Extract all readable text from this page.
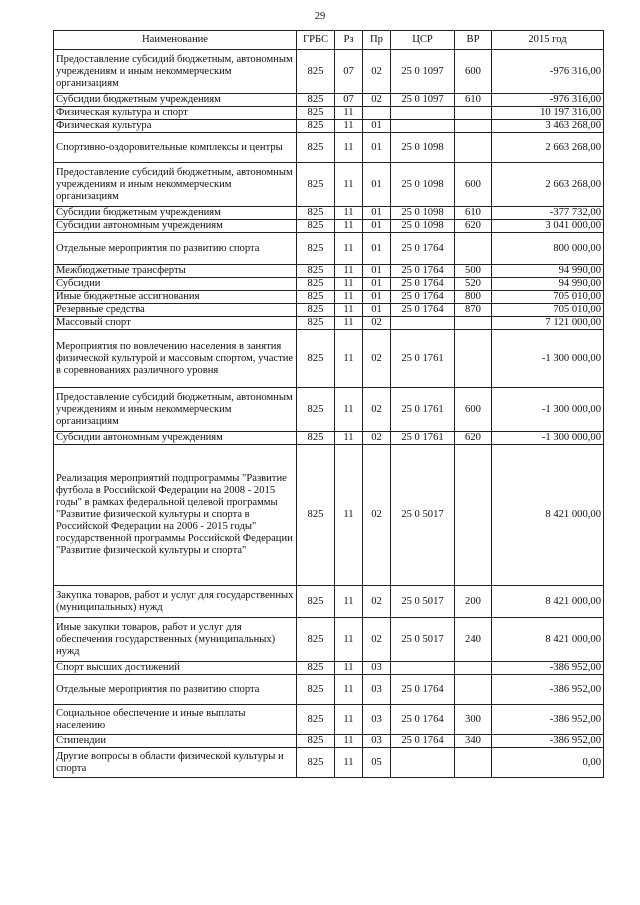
29
Наименование	ГРБС	Рз	Пр	ЦСР	ВР	2015 год
Предоставление субсидий бюджетным, автономным учреждениям и иным некоммерческим организациям	825	07	02	25 0 1097	600	-976 316,00
Субсидии бюджетным учреждениям	825	07	02	25 0 1097	610	-976 316,00
Физическая культура и спорт	825	11				10 197 316,00
Физическая культура	825	11	01			3 463 268,00
Спортивно-оздоровительные комплексы и центры	825	11	01	25 0 1098		2 663 268,00
Предоставление субсидий бюджетным, автономным учреждениям и иным некоммерческим организациям	825	11	01	25 0 1098	600	2 663 268,00
Субсидии бюджетным учреждениям	825	11	01	25 0 1098	610	-377 732,00
Субсидии автономным учреждениям	825	11	01	25 0 1098	620	3 041 000,00
Отдельные мероприятия по развитию спорта	825	11	01	25 0 1764		800 000,00
Межбюджетные трансферты	825	11	01	25 0 1764	500	94 990,00
Субсидии	825	11	01	25 0 1764	520	94 990,00
Иные бюджетные ассигнования	825	11	01	25 0 1764	800	705 010,00
Резервные средства	825	11	01	25 0 1764	870	705 010,00
Массовый спорт	825	11	02			7 121 000,00
Мероприятия по вовлечению населения в занятия физической культурой и массовым спортом, участие в соревнованиях различного уровня	825	11	02	25 0 1761		-1 300 000,00
Предоставление субсидий бюджетным, автономным учреждениям и иным некоммерческим организациям	825	11	02	25 0 1761	600	-1 300 000,00
Субсидии автономным учреждениям	825	11	02	25 0 1761	620	-1 300 000,00
Реализация мероприятий подпрограммы "Развитие футбола в Российской Федерации на 2008 - 2015 годы" в рамках федеральной целевой программы "Развитие физической культуры и спорта в Российской Федерации на 2006 - 2015 годы" государственной программы Российской Федерации "Развитие физической культуры и спорта"	825	11	02	25 0 5017		8 421 000,00
Закупка товаров, работ и услуг для государственных (муниципальных) нужд	825	11	02	25 0 5017	200	8 421 000,00
Иные закупки товаров, работ и услуг для обеспечения государственных (муниципальных) нужд	825	11	02	25 0 5017	240	8 421 000,00
Спорт высших достижений	825	11	03			-386 952,00
Отдельные мероприятия по развитию спорта	825	11	03	25 0 1764		-386 952,00
Социальное обеспечение и иные выплаты населению	825	11	03	25 0 1764	300	-386 952,00
Стипендии	825	11	03	25 0 1764	340	-386 952,00
Другие вопросы в области физической культуры и спорта	825	11	05			0,00
